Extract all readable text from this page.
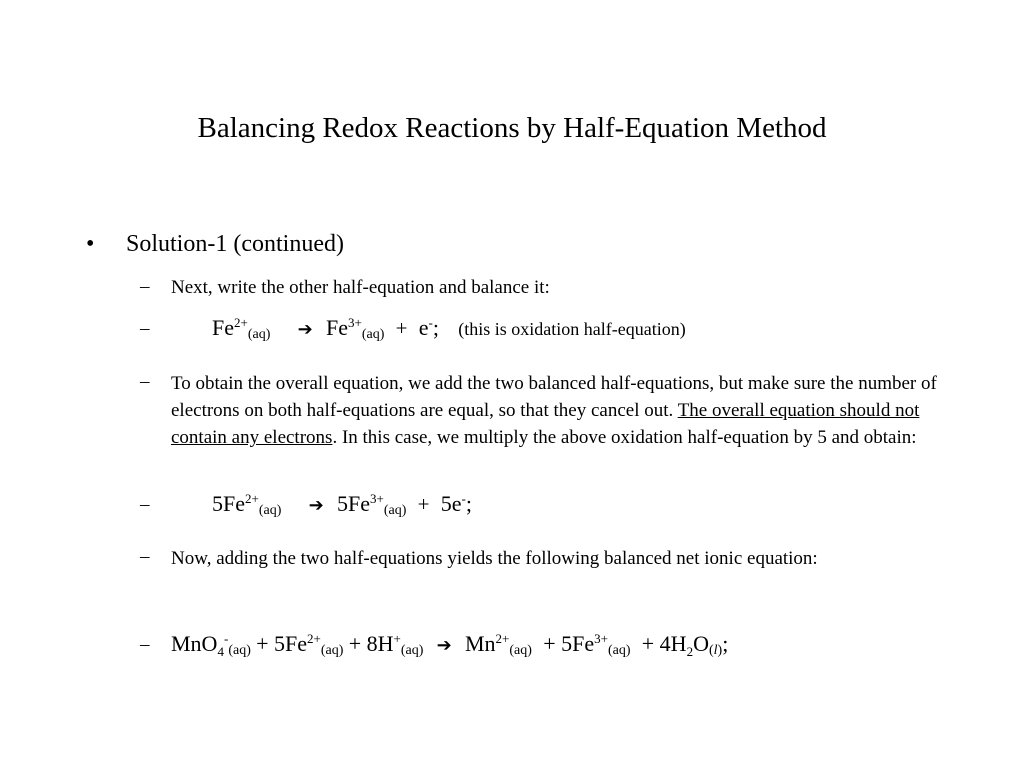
Balancing Redox Reactions by Half-Equation Method
• Solution-1 (continued)
– Next, write the other half-equation and balance it:
–	$Fe^{2+}(aq)$ ➔ $Fe^{3+}(aq) + e^-$; (this is oxidation half-equation)
– To obtain the overall equation, we add the two balanced half-equations, but make sure the number of electrons on both half-equations are equal, so that they cancel out. The overall equation should not contain any electrons. In this case, we multiply the above oxidation half-equation by 5 and obtain:
–	$5Fe^{2+}(aq)$ ➔ $5Fe^{3+}(aq) + 5e^-$;
– Now, adding the two half-equations yields the following balanced net ionic equation:
– $MnO_4^-(aq) + 5Fe^{2+}(aq) + 8H^+(aq)$ ➔ $Mn^{2+}(aq) + 5Fe^{3+}(aq) + 4H_2O(l)$;
